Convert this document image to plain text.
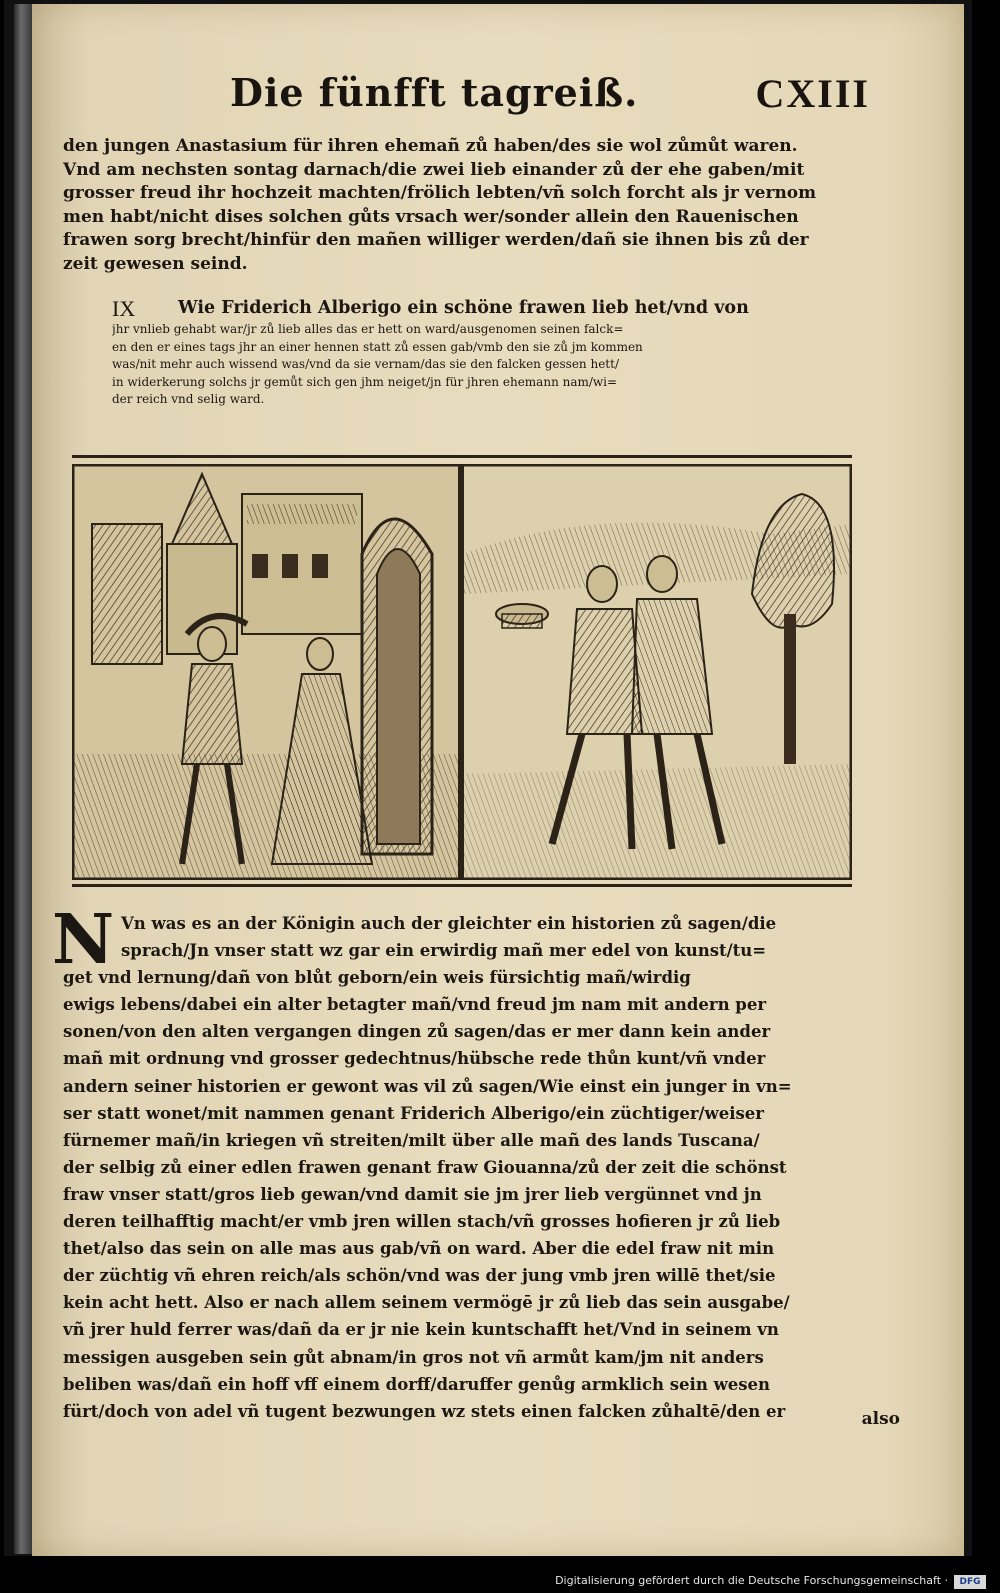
Die fünfft tagreiß.	CXIII
den jungen Anastasium für ihren ehemañ zů haben/des sie wol zůmůt waren.
Vnd am nechsten sontag darnach/die zwei lieb einander zů der ehe gaben/mit
grosser freud ihr hochzeit machten/frölich lebten/vñ solch forcht als jr vernom
men habt/nicht dises solchen gůts vrsach wer/sonder allein den Rauenischen
frawen sorg brecht/hinfür den mañen williger werden/dañ sie ihnen bis zů der
zeit gewesen seind.
IX Wie Friderich Alberigo ein schöne frawen lieb het/vnd von
jhr vnlieb gehabt war/jr zů lieb alles das er hett on ward/ausgenomen seinen falck=
en den er eines tags jhr an einer hennen statt zů essen gab/vmb den sie zů jm kommen
was/nit mehr auch wissend was/vnd da sie vernam/das sie den falcken gessen hett/
in widerkerung solchs jr gemůt sich gen jhm neiget/jn für jhren ehemann nam/wi=
der reich vnd selig ward.
N Vn was es an der Königin auch der gleichter ein historien zů sagen/die
sprach/Jn vnser statt wz gar ein erwirdig mañ mer edel von kunst/tu=
get vnd lernung/dañ von blůt geborn/ein weis fürsichtig mañ/wirdig
ewigs lebens/dabei ein alter betagter mañ/vnd freud jm nam mit andern per
sonen/von den alten vergangen dingen zů sagen/das er mer dann kein ander
mañ mit ordnung vnd grosser gedechtnus/hübsche rede thůn kunt/vñ vnder
andern seiner historien er gewont was vil zů sagen/Wie einst ein junger in vn=
ser statt wonet/mit nammen genant Friderich Alberigo/ein züchtiger/weiser
fürnemer mañ/in kriegen vñ streiten/milt über alle mañ des lands Tuscana/
der selbig zů einer edlen frawen genant fraw Giouanna/zů der zeit die schönst
fraw vnser statt/gros lieb gewan/vnd damit sie jm jrer lieb vergünnet vnd jn
deren teilhafftig macht/er vmb jren willen stach/vñ grosses hofieren jr zů lieb
thet/also das sein on alle mas aus gab/vñ on ward. Aber die edel fraw nit min
der züchtig vñ ehren reich/als schön/vnd was der jung vmb jren willē thet/sie
kein acht hett. Also er nach allem seinem vermögē jr zů lieb das sein ausgabe/
vñ jrer huld ferrer was/dañ da er jr nie kein kuntschafft het/Vnd in seinem vn
messigen ausgeben sein gůt abnam/in gros not vñ armůt kam/jm nit anders
beliben was/dañ ein hoff vff einem dorff/daruffer genůg armklich sein wesen
fürt/doch von adel vñ tugent bezwungen wz stets einen falcken zůhaltē/den er	also
Digitalisierung gefördert durch die Deutsche Forschungsgemeinschaft ·	DFG
